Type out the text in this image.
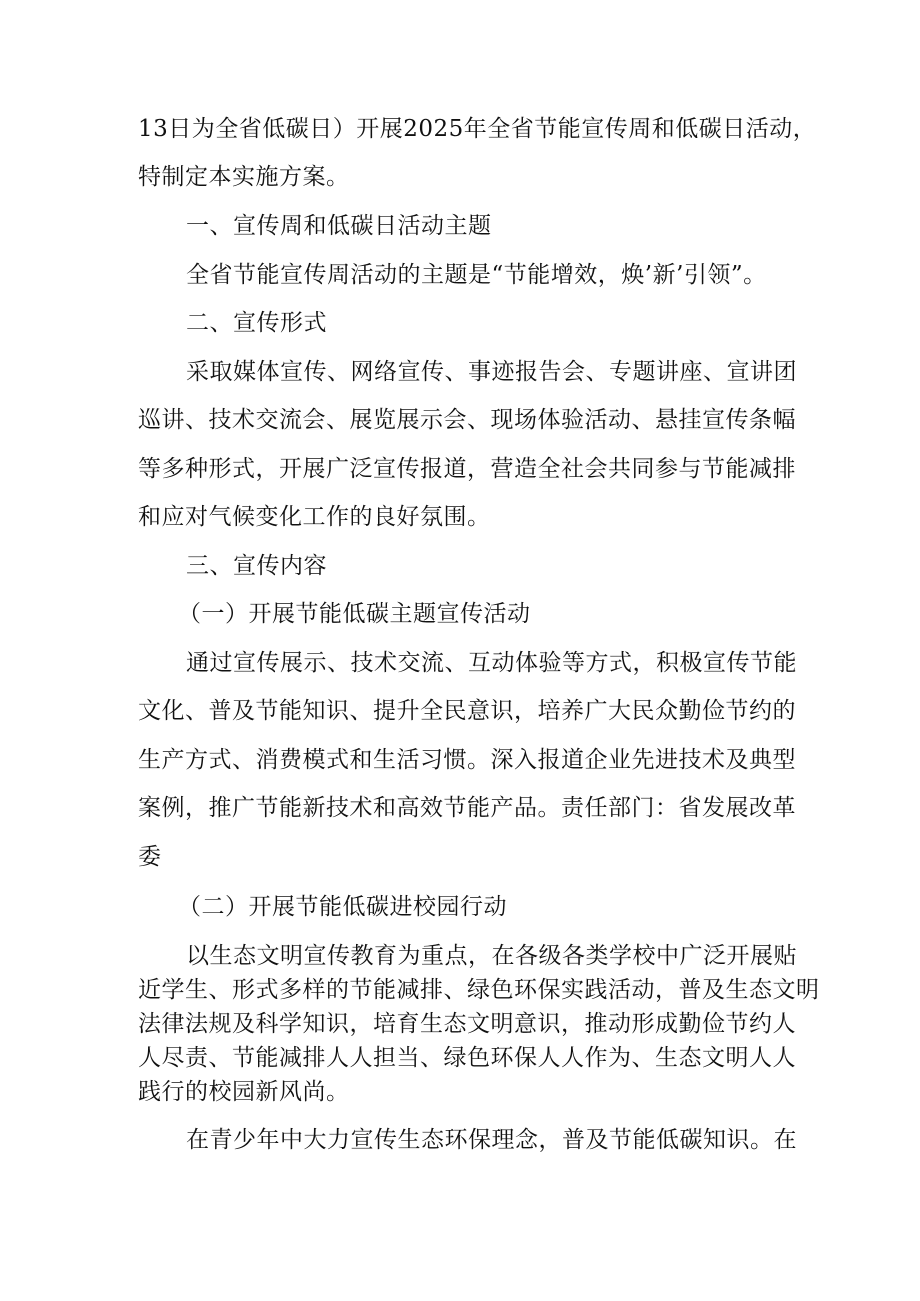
13日为全省低碳日）开展2025年全省节能宣传周和低碳日活动，
特制定本实施方案。
一、宣传周和低碳日活动主题
全省节能宣传周活动的主题是“节能增效，焕’新’引领”。
二、宣传形式
采取媒体宣传、网络宣传、事迹报告会、专题讲座、宣讲团
巡讲、技术交流会、展览展示会、现场体验活动、悬挂宣传条幅
等多种形式，开展广泛宣传报道，营造全社会共同参与节能减排
和应对气候变化工作的良好氛围。
三、宣传内容
（一）开展节能低碳主题宣传活动
通过宣传展示、技术交流、互动体验等方式，积极宣传节能
文化、普及节能知识、提升全民意识，培养广大民众勤俭节约的
生产方式、消费模式和生活习惯。深入报道企业先进技术及典型
案例，推广节能新技术和高效节能产品。责任部门：省发展改革
委
（二）开展节能低碳进校园行动
以生态文明宣传教育为重点，在各级各类学校中广泛开展贴
近学生、形式多样的节能减排、绿色环保实践活动，普及生态文明
法律法规及科学知识，培育生态文明意识，推动形成勤俭节约人
人尽责、节能减排人人担当、绿色环保人人作为、生态文明人人
践行的校园新风尚。
在青少年中大力宣传生态环保理念，普及节能低碳知识。在
